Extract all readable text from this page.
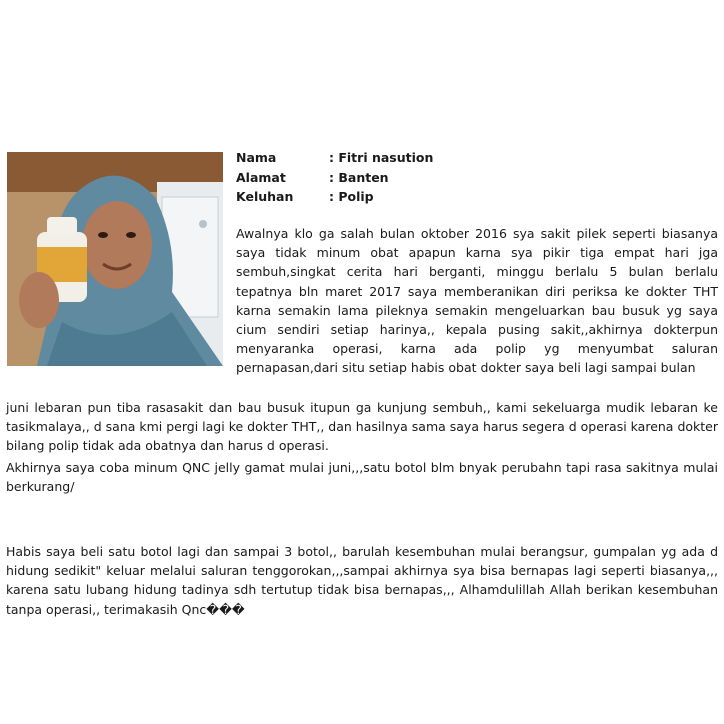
Nama	: Fitri nasution
Alamat	: Banten
Keluhan	: Polip
Awalnya klo ga salah bulan oktober 2016 sya sakit pilek seperti biasanya saya tidak minum obat apapun karna sya pikir tiga empat hari jga sembuh,singkat cerita hari berganti, minggu berlalu 5 bulan berlalu tepatnya bln maret 2017 saya memberanikan diri periksa ke dokter THT karna semakin lama pileknya semakin mengeluarkan bau busuk yg saya cium sendiri setiap harinya,, kepala pusing sakit,,akhirnya dokterpun menyaranka operasi, karna ada polip yg menyumbat saluran pernapasan,dari situ setiap habis obat dokter saya beli lagi sampai bulan
juni lebaran pun tiba rasasakit dan bau busuk itupun ga kunjung sembuh,, kami sekeluarga mudik lebaran ke tasikmalaya,, d sana kmi pergi lagi ke dokter THT,, dan hasilnya sama saya harus segera d operasi karena dokter bilang polip tidak ada obatnya dan harus d operasi.
Akhirnya saya coba minum QNC jelly gamat mulai juni,,,satu botol blm bnyak perubahn tapi rasa sakitnya mulai berkurang/
Habis saya beli satu botol lagi dan sampai 3 botol,, barulah kesembuhan mulai berangsur, gumpalan yg ada d hidung sedikit" keluar melalui saluran tenggorokan,,,sampai akhirnya sya bisa bernapas lagi seperti biasanya,,, karena satu lubang hidung tadinya sdh tertutup tidak bisa bernapas,,, Alhamdulillah Allah berikan kesembuhan tanpa operasi,, terimakasih Qnc���
